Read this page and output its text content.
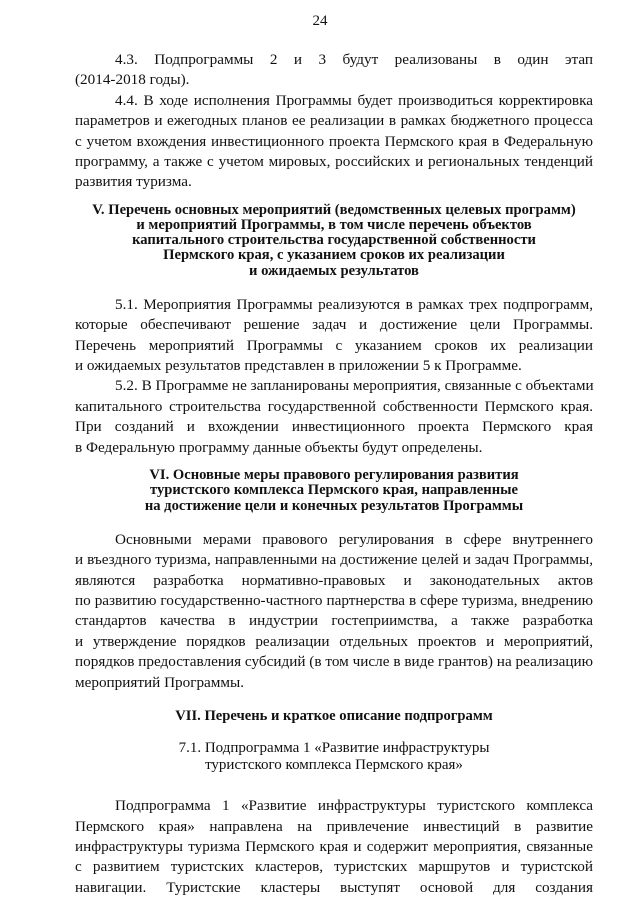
24

4.3. Подпрограммы 2 и 3 будут реализованы в один этап
(2014-2018 годы).

4.4. В ходе исполнения Программы будет производиться корректировка
параметров и ежегодных планов ее реализации в рамках бюджетного процесса
с учетом вхождения инвестиционного проекта Пермского края в Федеральную
программу, а также с учетом мировых, российских и региональных тенденций
развития туризма.

V. Перечень основных мероприятий (ведомственных целевых программ)
и мероприятий Программы, в том числе перечень объектов
капитального строительства государственной собственности
Пермского края, с указанием сроков их реализации
и ожидаемых результатов

5.1. Мероприятия Программы реализуются в рамках трех подпрограмм,
которые обеспечивают решение задач и достижение цели Программы.
Перечень мероприятий Программы с указанием сроков их реализации
и ожидаемых результатов представлен в приложении 5 к Программе.

5.2. В Программе не запланированы мероприятия, связанные с объектами
капитального строительства государственной собственности Пермского края.
При созданий и вхождении инвестиционного проекта Пермского края
в Федеральную программу данные объекты будут определены.

VI. Основные меры правового регулирования развития
туристского комплекса Пермского края, направленные
на достижение цели и конечных результатов Программы

Основными мерами правового регулирования в сфере внутреннего
и въездного туризма, направленными на достижение целей и задач Программы,
являются разработка нормативно-правовых и законодательных актов
по развитию государственно-частного партнерства в сфере туризма, внедрению
стандартов качества в индустрии гостеприимства, а также разработка
и утверждение порядков реализации отдельных проектов и мероприятий,
порядков предоставления субсидий (в том числе в виде грантов) на реализацию
мероприятий Программы.

VII. Перечень и краткое описание подпрограмм
7.1. Подпрограмма 1 «Развитие инфраструктуры
туристского комплекса Пермского края»

Подпрограмма 1 «Развитие инфраструктуры туристского комплекса
Пермского края» направлена на привлечение инвестиций в развитие
инфраструктуры туризма Пермского края и содержит мероприятия, связанные
с развитием туристских кластеров, туристских маршрутов и туристской
навигации. Туристские кластеры выступят основой для создания
